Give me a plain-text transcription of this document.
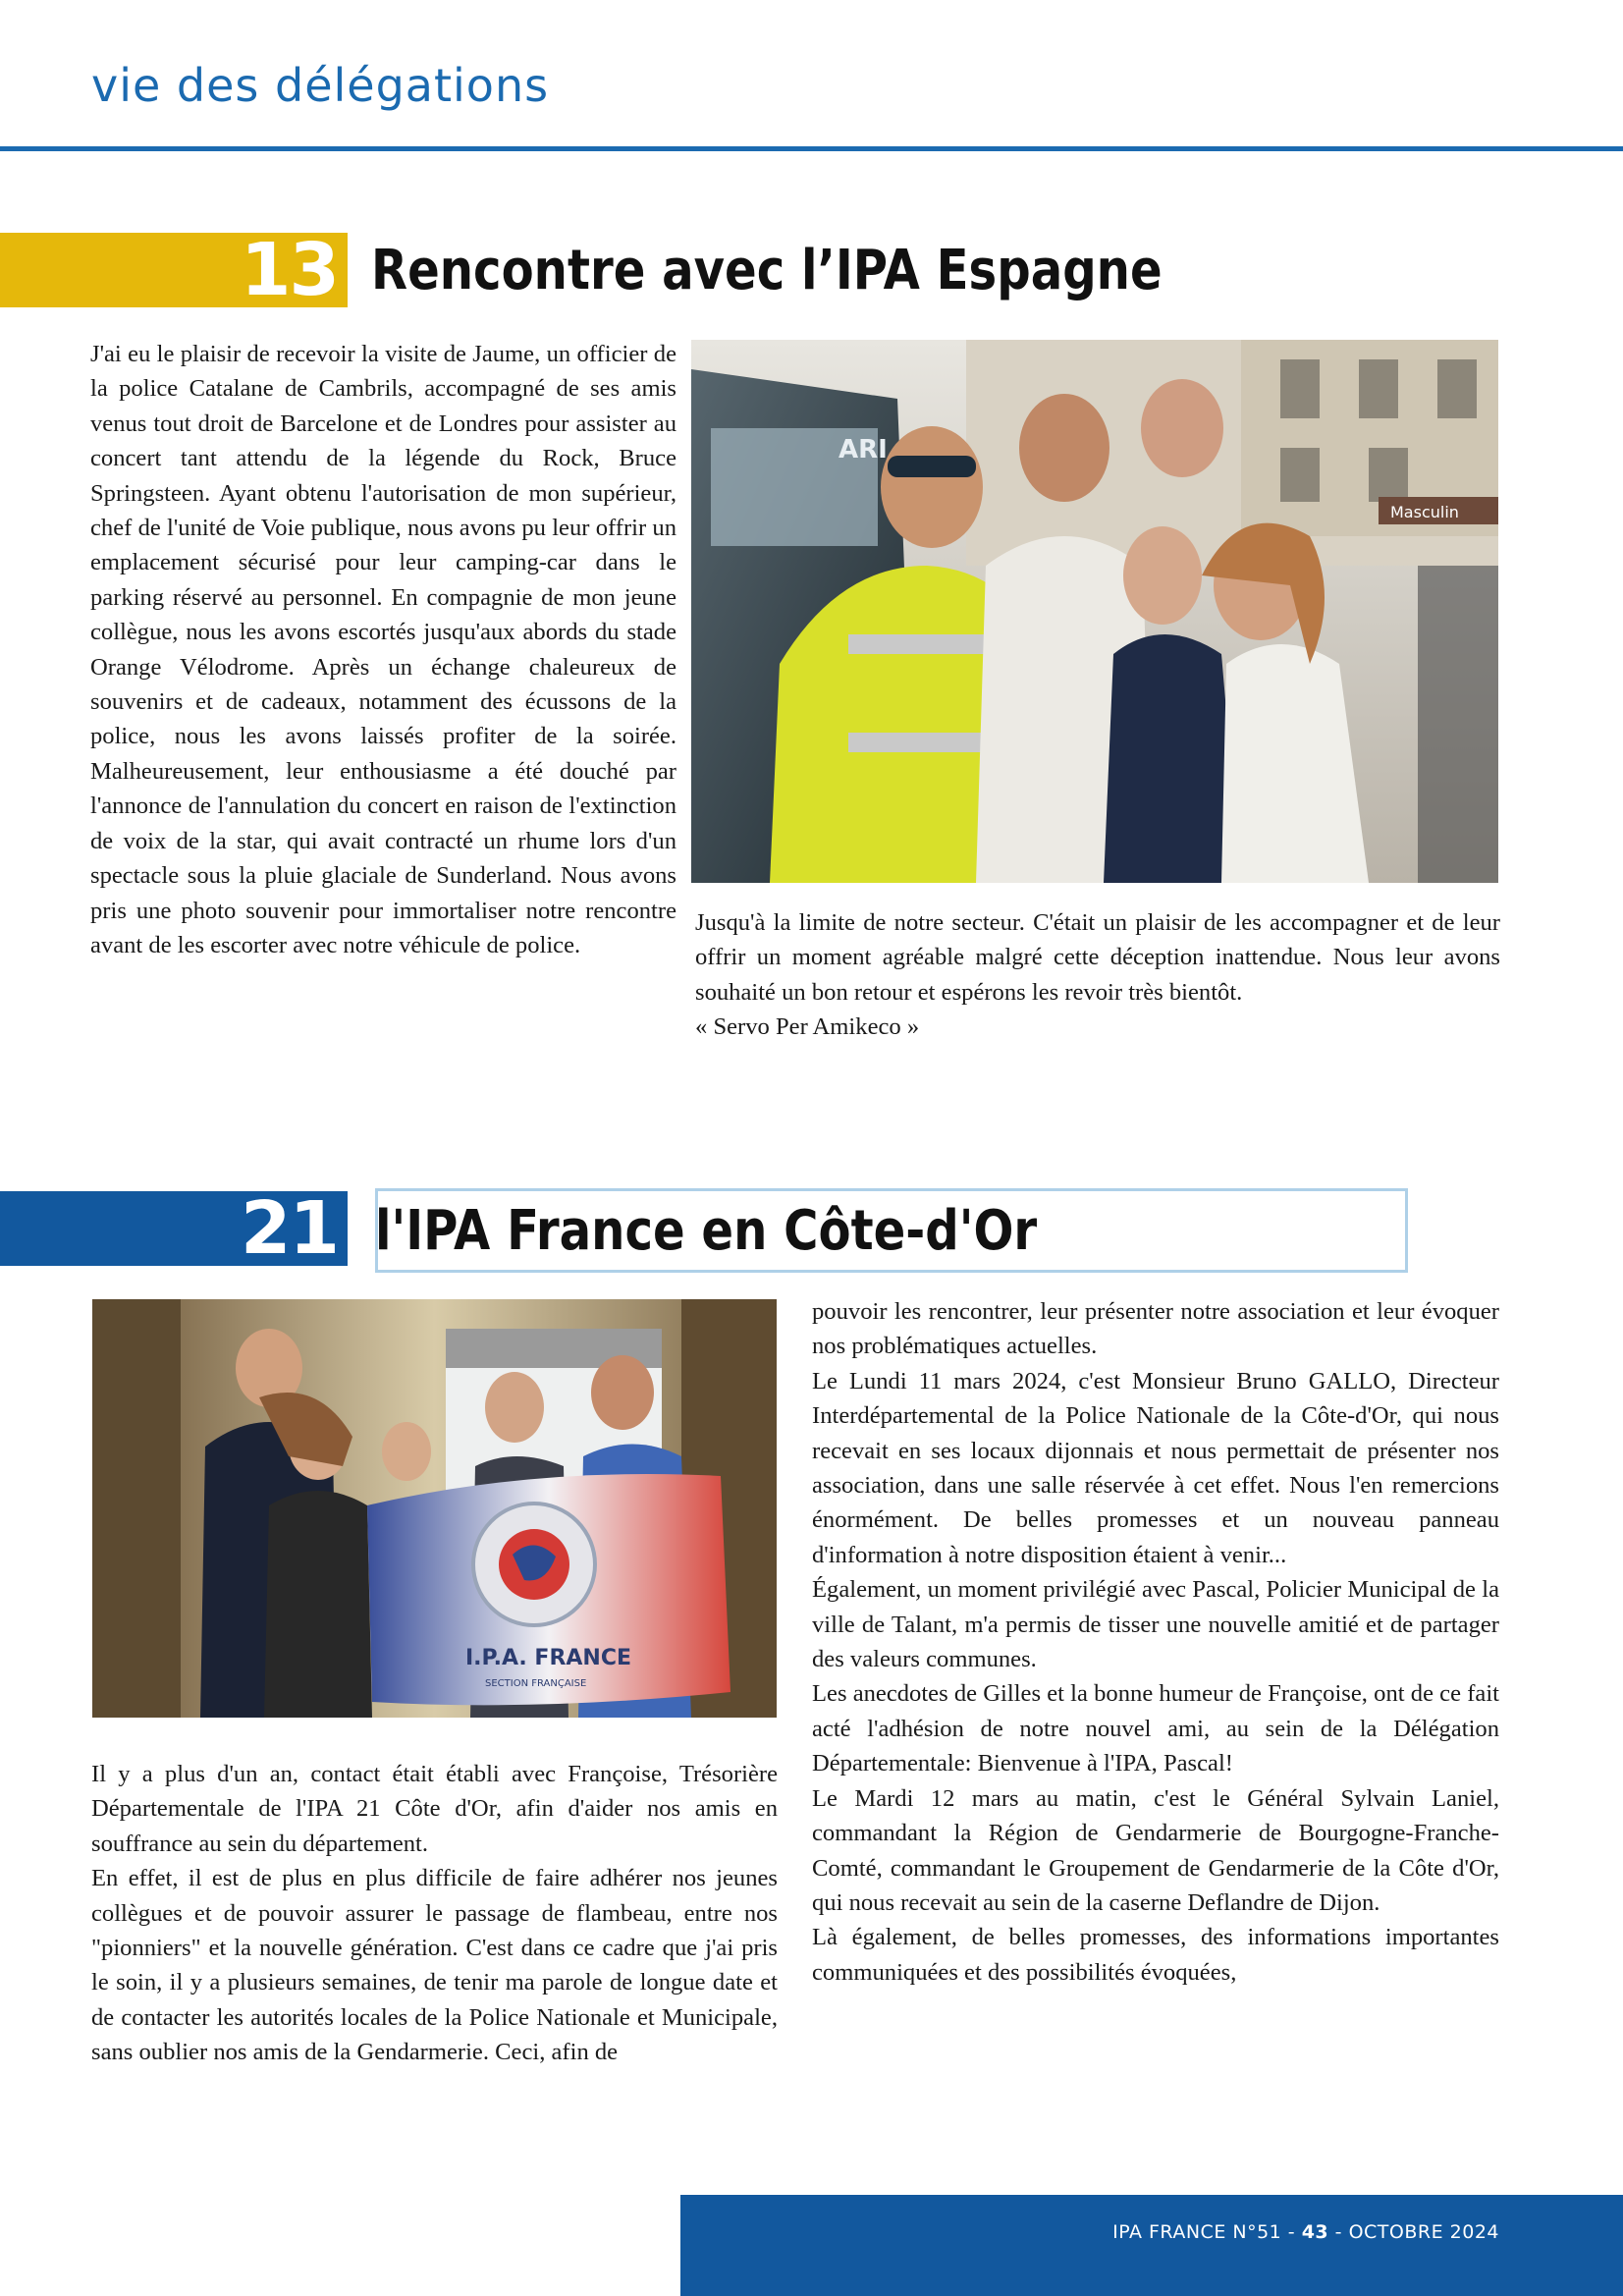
vie des délégations
13 Rencontre avec l’IPA Espagne

J'ai eu le plaisir de recevoir la visite de Jaume, un officier de la police Catalane de Cambrils, accompagné de ses amis venus tout droit de Barcelone et de Londres pour assister au concert tant attendu de la légende du Rock, Bruce Springsteen. Ayant obtenu l'autorisation de mon supérieur, chef de l'unité de Voie publique, nous avons pu leur offrir un emplacement sécurisé pour leur camping-car dans le parking réservé au personnel. En compagnie de mon jeune collègue, nous les avons escortés jusqu'aux abords du stade Orange Vélodrome. Après un échange chaleureux de souvenirs et de cadeaux, notamment des écussons de la police, nous les avons laissés profiter de la soirée. Malheureusement, leur enthousiasme a été douché par l'annonce de l'annulation du concert en raison de l'extinction de voix de la star, qui avait contracté un rhume lors d'un spectacle sous la pluie glaciale de Sunderland. Nous avons pris une photo souvenir pour immortaliser notre rencontre avant de les escorter avec notre véhicule de police.

Masculin
ARI

Jusqu'à la limite de notre secteur. C'était un plaisir de les accompagner et de leur offrir un moment agréable malgré cette déception inattendue. Nous leur avons souhaité un bon retour et espérons les revoir très bientôt.

« Servo Per Amikeco »

21 l'IPA France en Côte-d'Or
I.P.A. FRANCE
SECTION FRANÇAISE

Il y a plus d'un an, contact était établi avec Françoise, Trésorière Départementale de l'IPA 21 Côte d'Or, afin d'aider nos amis en souffrance au sein du département.

En effet, il est de plus en plus difficile de faire adhérer nos jeunes collègues et de pouvoir assurer le passage de flambeau, entre nos "pionniers" et la nouvelle génération. C'est dans ce cadre que j'ai pris le soin, il y a plusieurs semaines, de tenir ma parole de longue date et de contacter les autorités locales de la Police Nationale et Municipale, sans oublier nos amis de la Gendarmerie. Ceci, afin de

pouvoir les rencontrer, leur présenter notre association et leur évoquer nos problématiques actuelles.

Le Lundi 11 mars 2024, c'est Monsieur Bruno GALLO, Directeur Interdépartemental de la Police Nationale de la Côte-d'Or, qui nous recevait en ses locaux dijonnais et nous permettait de présenter nos association, dans une salle réservée à cet effet. Nous l'en remercions énormément. De belles promesses et un nouveau panneau d'information à notre disposition étaient à venir...

Également, un moment privilégié avec Pascal, Policier Municipal de la ville de Talant, m'a permis de tisser une nouvelle amitié et de partager des valeurs communes.

Les anecdotes de Gilles et la bonne humeur de Françoise, ont de ce fait acté l'adhésion de notre nouvel ami, au sein de la Délégation Départementale: Bienvenue à l'IPA, Pascal!

Le Mardi 12 mars au matin, c'est le Général Sylvain Laniel, commandant la Région de Gendarmerie de Bourgogne-Franche-Comté, commandant le Groupement de Gendarmerie de la Côte d'Or, qui nous recevait au sein de la caserne Deflandre de Dijon.

Là également, de belles promesses, des informations importantes communiquées et des possibilités évoquées,

IPA FRANCE N°51 - 43 - OCTOBRE 2024
